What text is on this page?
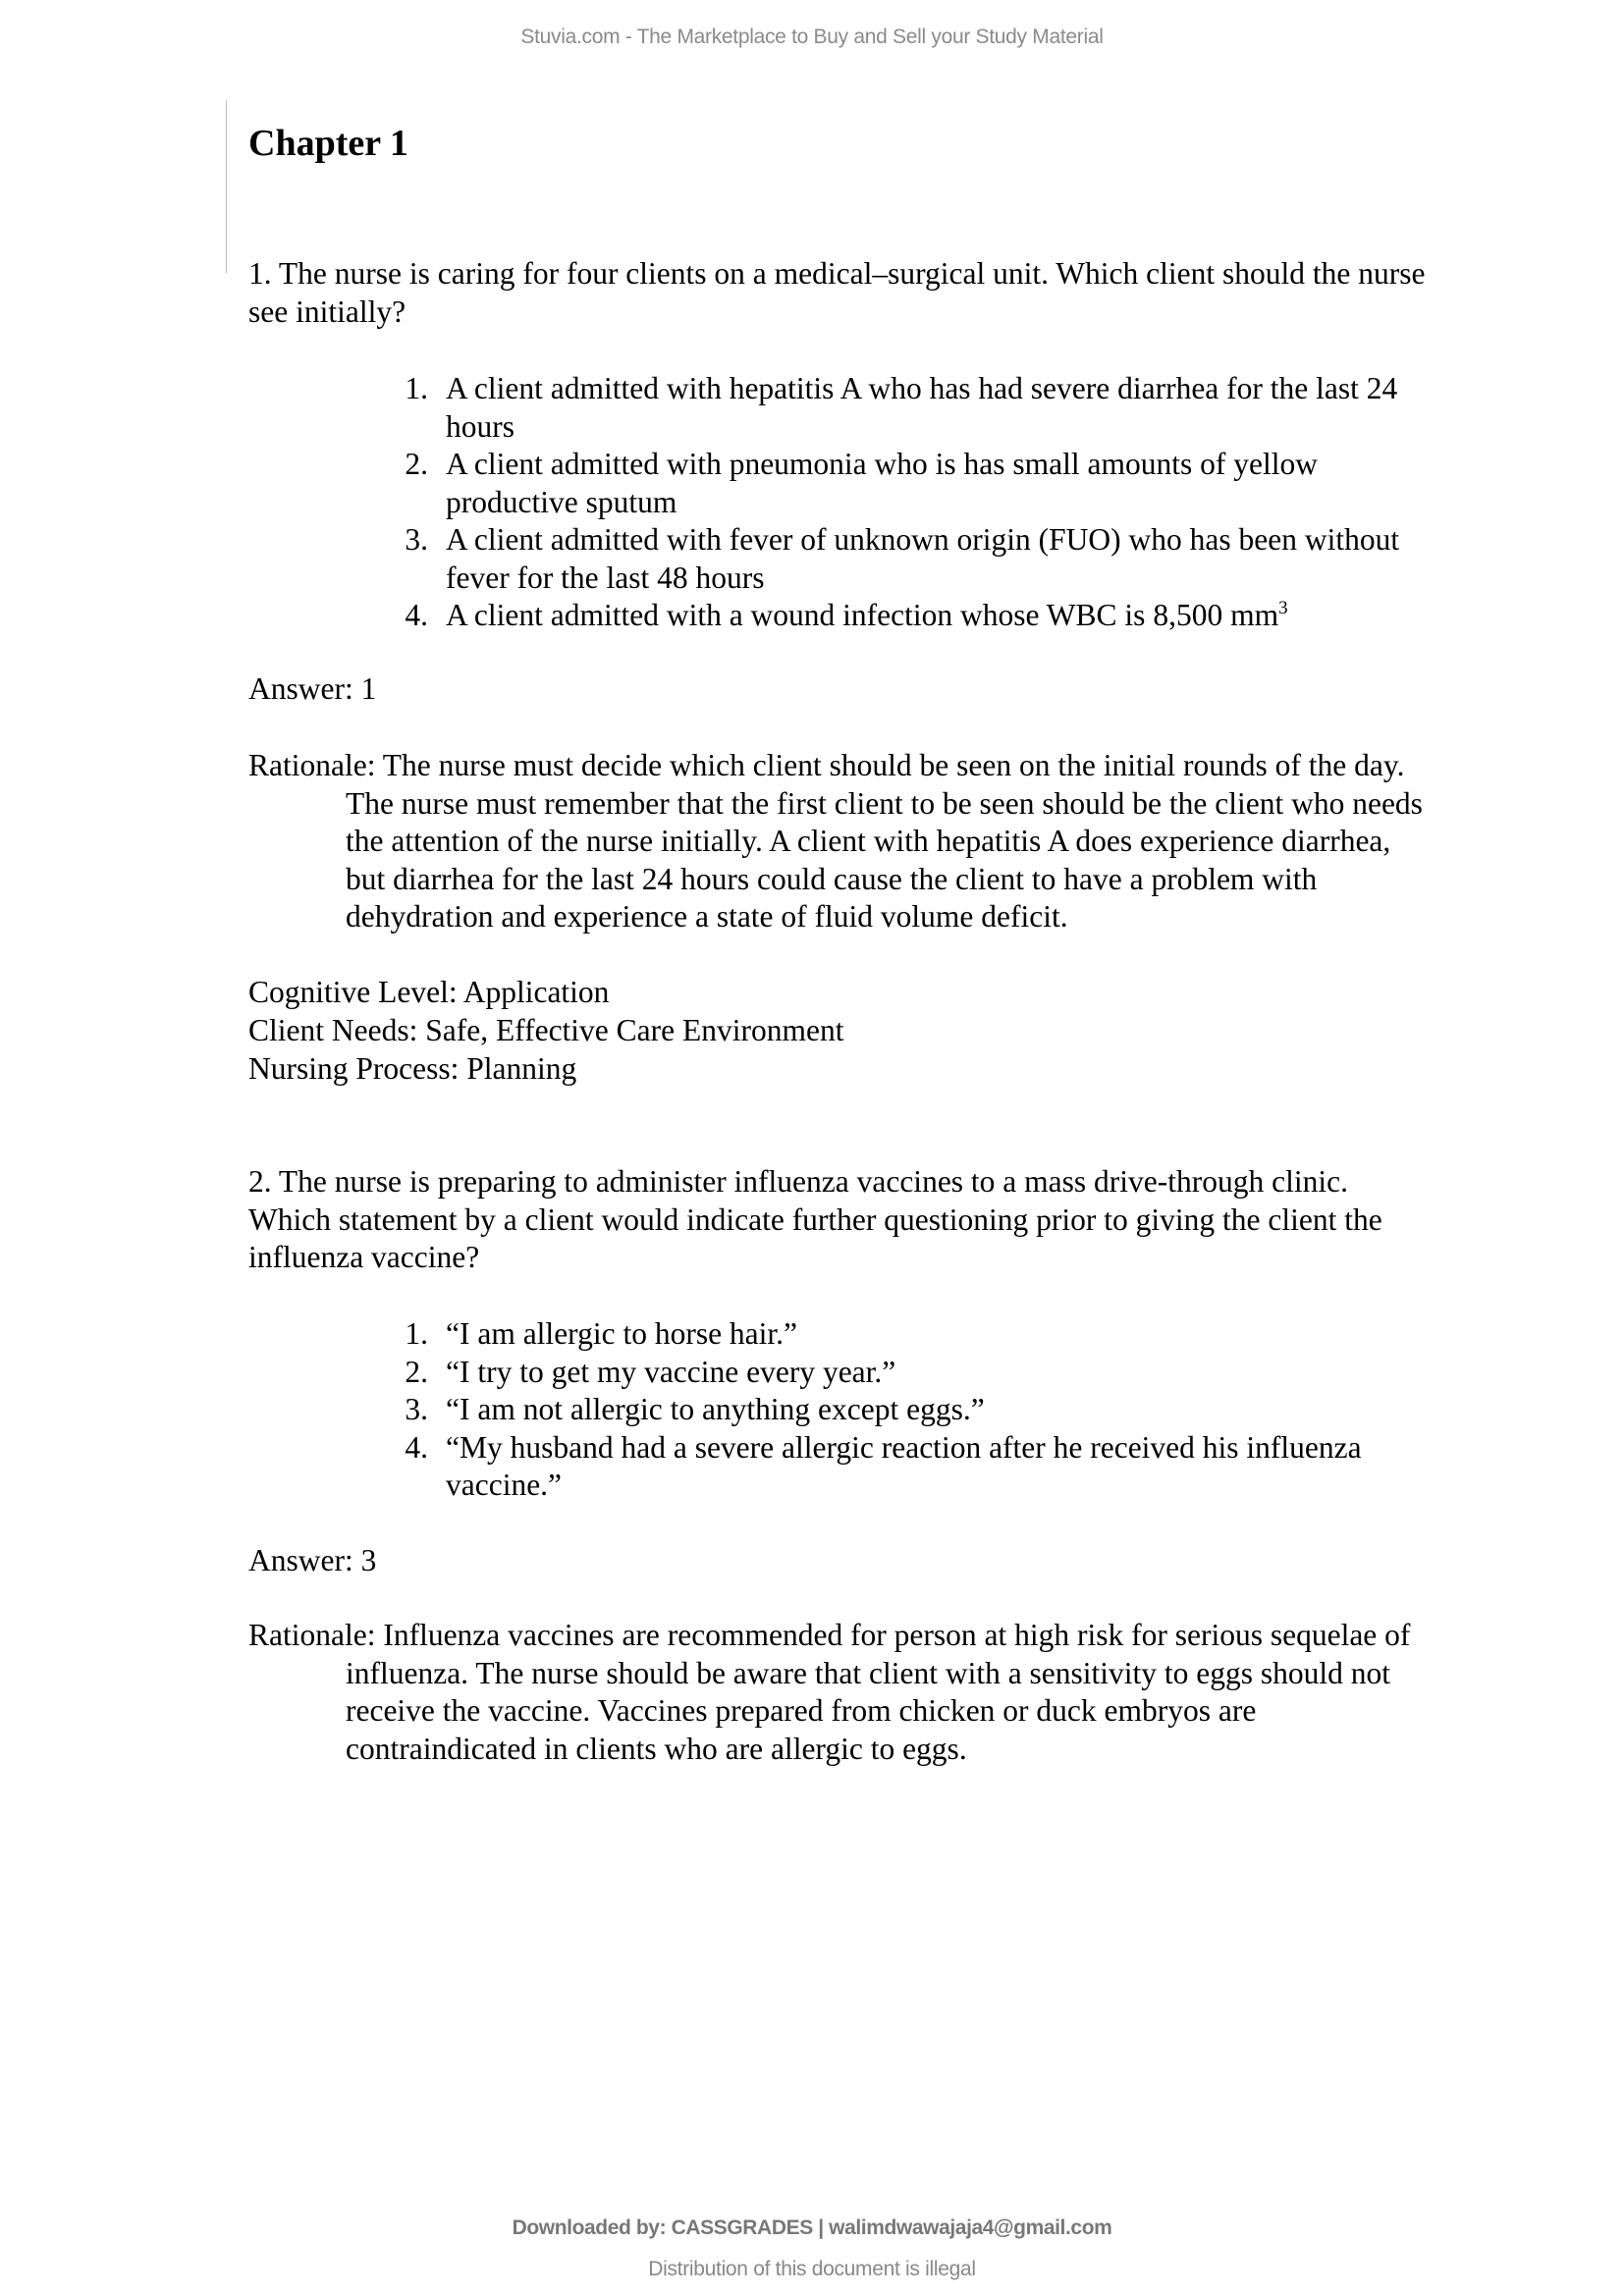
Stuvia.com - The Marketplace to Buy and Sell your Study Material
Chapter 1
1. The nurse is caring for four clients on a medical–surgical unit. Which client should the nurse see initially?
1. A client admitted with hepatitis A who has had severe diarrhea for the last 24 hours
2. A client admitted with pneumonia who is has small amounts of yellow productive sputum
3. A client admitted with fever of unknown origin (FUO) who has been without fever for the last 48 hours
4. A client admitted with a wound infection whose WBC is 8,500 $mm^3$
Answer: 1
Rationale: The nurse must decide which client should be seen on the initial rounds of the day. The nurse must remember that the first client to be seen should be the client who needs the attention of the nurse initially. A client with hepatitis A does experience diarrhea, but diarrhea for the last 24 hours could cause the client to have a problem with dehydration and experience a state of fluid volume deficit.
Cognitive Level: Application
Client Needs: Safe, Effective Care Environment
Nursing Process: Planning
2. The nurse is preparing to administer influenza vaccines to a mass drive-through clinic. Which statement by a client would indicate further questioning prior to giving the client the influenza vaccine?
1. “I am allergic to horse hair.”
2. “I try to get my vaccine every year.”
3. “I am not allergic to anything except eggs.”
4. “My husband had a severe allergic reaction after he received his influenza vaccine.”
Answer: 3
Rationale: Influenza vaccines are recommended for person at high risk for serious sequelae of influenza. The nurse should be aware that client with a sensitivity to eggs should not receive the vaccine. Vaccines prepared from chicken or duck embryos are contraindicated in clients who are allergic to eggs.
Downloaded by: CASSGRADES | walimdwawajaja4@gmail.com
Distribution of this document is illegal
